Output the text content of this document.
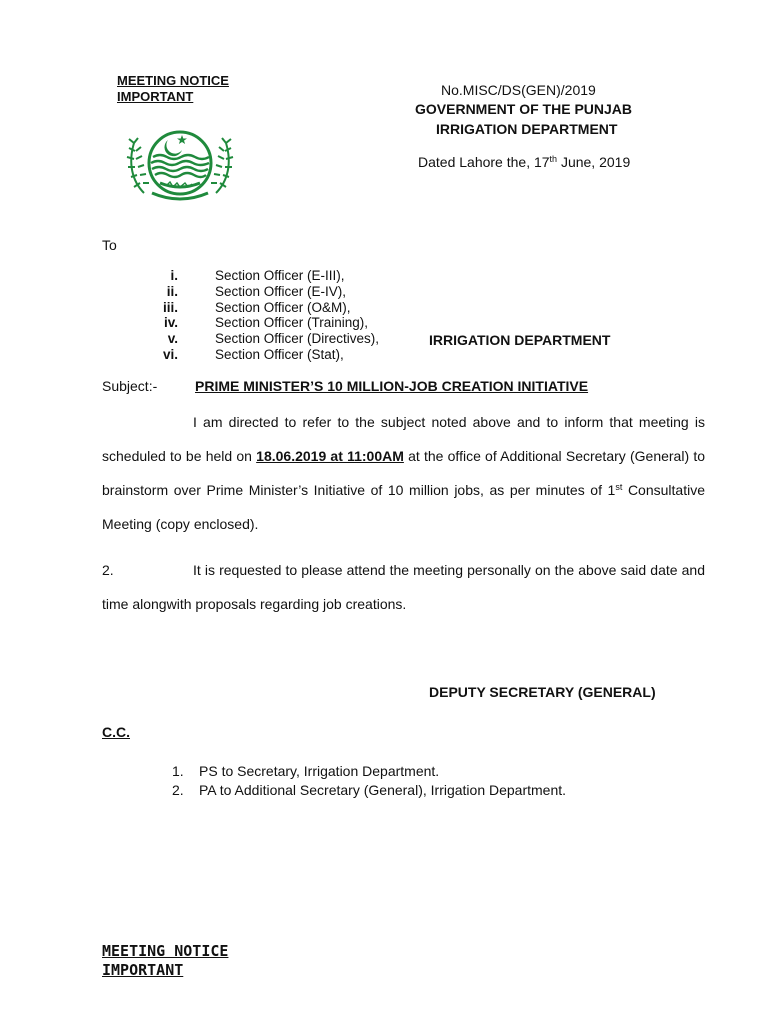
MEETING NOTICE
IMPORTANT	No.MISC/DS(GEN)/2019
GOVERNMENT OF THE PUNJAB
IRRIGATION DEPARTMENT
Dated Lahore the, 17th June, 2019
To
i.	Section Officer (E-III),
ii.	Section Officer (E-IV),
iii.	Section Officer (O&M),
iv.	Section Officer (Training),
v.	Section Officer (Directives),
vi.	Section Officer (Stat),
IRRIGATION DEPARTMENT
Subject:-	PRIME MINISTER’S 10 MILLION-JOB CREATION INITIATIVE
I am directed to refer to the subject noted above and to inform that meeting is scheduled to be held on 18.06.2019 at 11:00AM at the office of Additional Secretary (General) to brainstorm over Prime Minister’s Initiative of 10 million jobs, as per minutes of 1st Consultative Meeting (copy enclosed).
2.	It is requested to please attend the meeting personally on the above said date and time alongwith proposals regarding job creations.
DEPUTY SECRETARY (GENERAL)
C.C.
1.	PS to Secretary, Irrigation Department.
2.	PA to Additional Secretary (General), Irrigation Department.
MEETING NOTICE
IMPORTANT
